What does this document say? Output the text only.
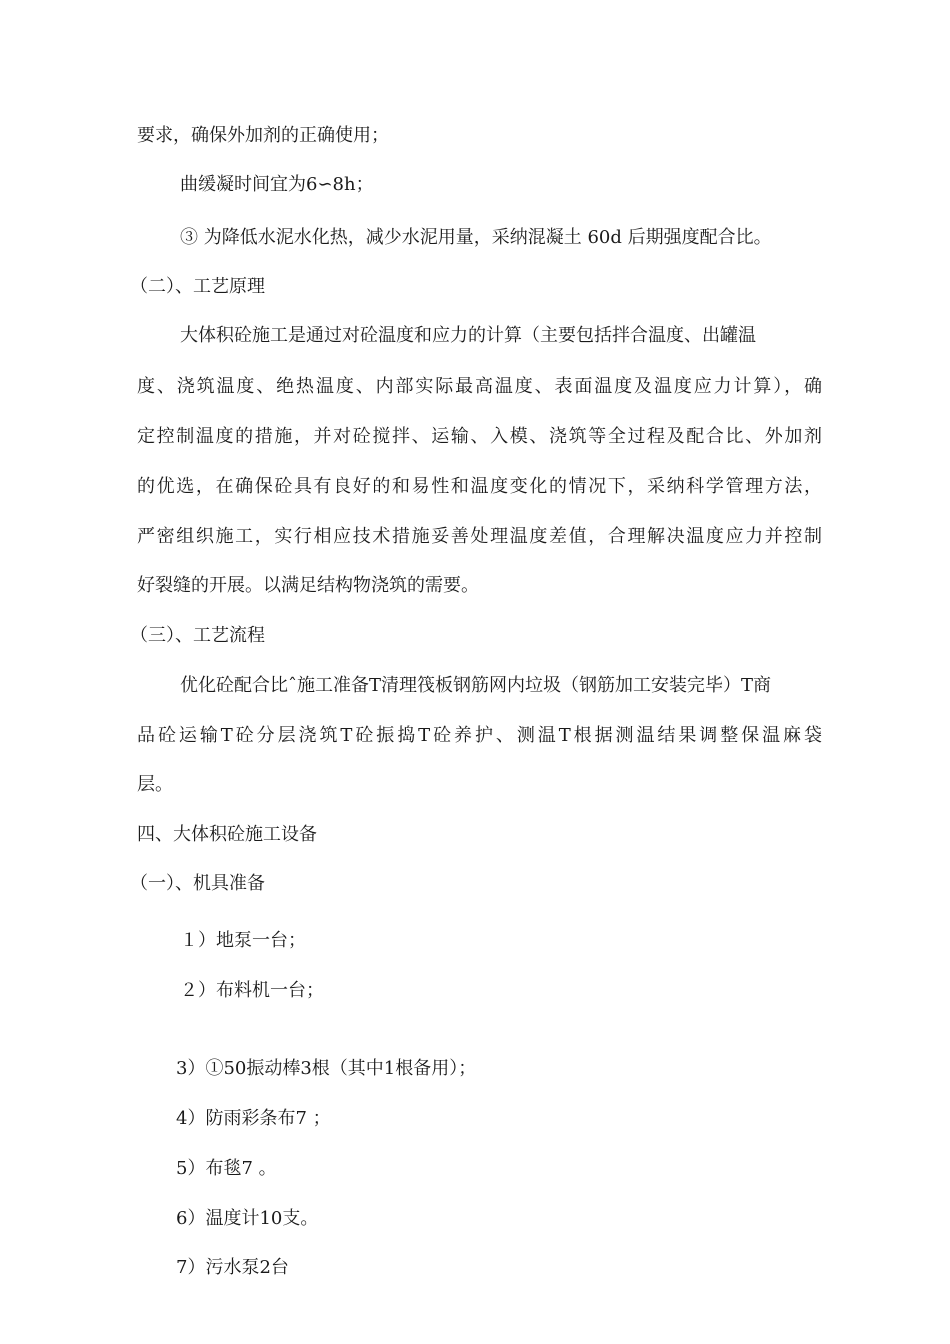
要求，确保外加剂的正确使用；
曲缓凝时间宜为6∽8h；
③ 为降低水泥水化热，减少水泥用量，采纳混凝土 60d 后期强度配合比。
（二）、工艺原理
大体积砼施工是通过对砼温度和应力的计算（主要包括拌合温度、出罐温
度、浇筑温度、绝热温度、内部实际最高温度、表面温度及温度应力计算），确
定控制温度的措施，并对砼搅拌、运输、入模、浇筑等全过程及配合比、外加剂
的优选，在确保砼具有良好的和易性和温度变化的情况下，采纳科学管理方法，
严密组织施工，实行相应技术措施妥善处理温度差值，合理解决温度应力并控制
好裂缝的开展。以满足结构物浇筑的需要。
（三）、工艺流程
优化砼配合比ˆ施工准备Τ清理筏板钢筋网内垃圾（钢筋加工安装完毕）Τ商
品砼运输Τ砼分层浇筑Τ砼振捣Τ砼养护、测温Τ根据测温结果调整保温麻袋
层。
四、大体积砼施工设备
（一）、机具准备
１）地泵一台；
２）布料机一台；
3）①50振动棒3根（其中1根备用）；
4）防雨彩条布7 ；
5）布毯7 。
6）温度计10支。
7）污水泵2台
